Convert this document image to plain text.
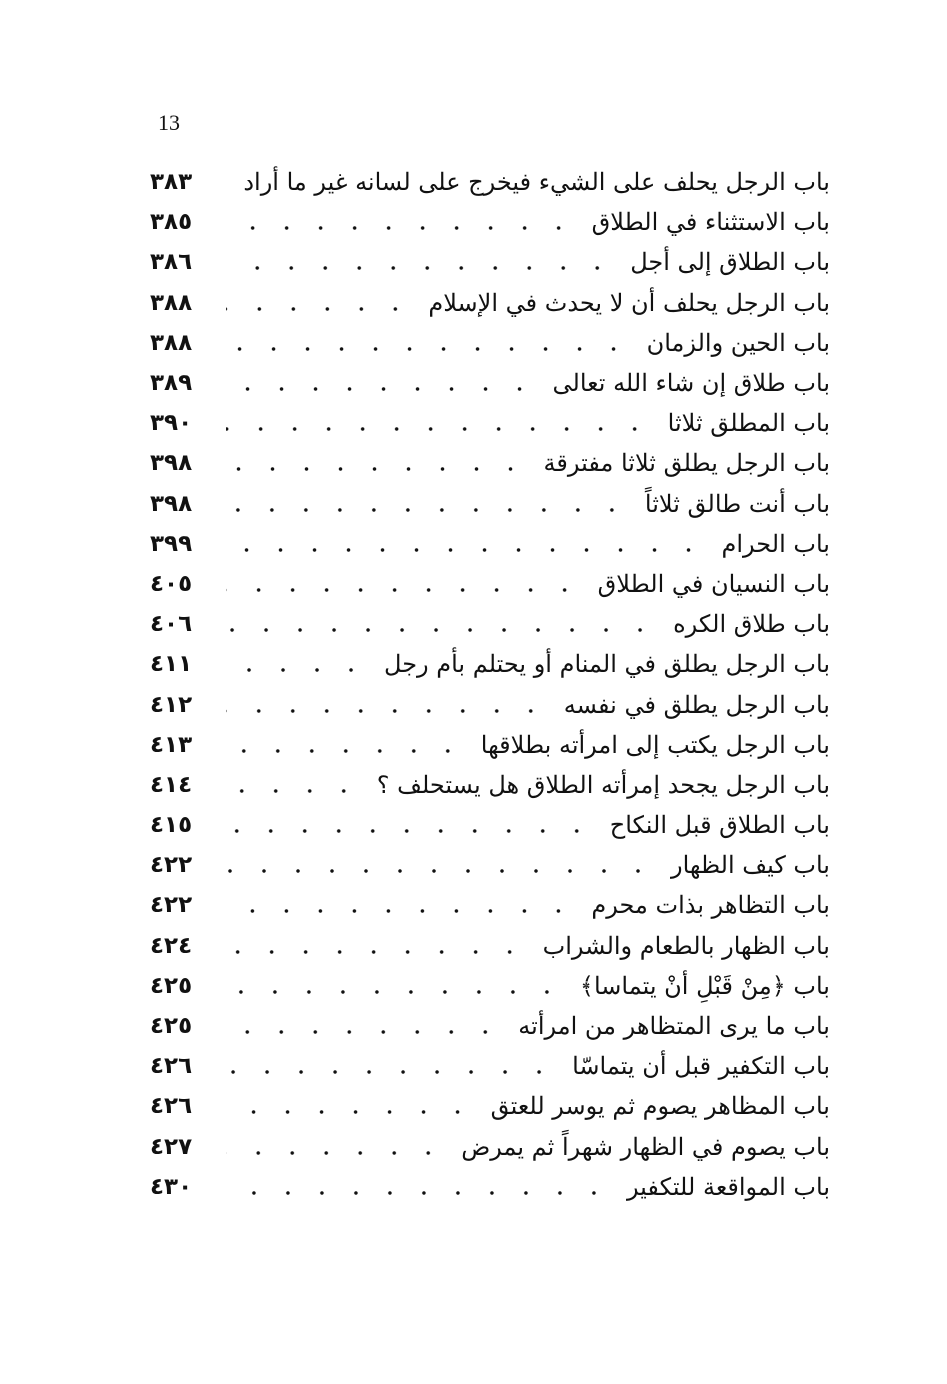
13
باب الرجل يحلف على الشيء فيخرج على لسانه غير ما أراد
٣٨٣
باب الاستثناء في الطلاق
٣٨٥
باب الطلاق إلى أجل
٣٨٦
باب الرجل يحلف أن لا يحدث في الإسلام
٣٨٨
باب الحين والزمان
٣٨٨
باب طلاق إن شاء الله تعالى
٣٨٩
باب المطلق ثلاثا
٣٩٠
باب الرجل يطلق ثلاثا مفترقة
٣٩٨
باب أنت طالق ثلاثاً
٣٩٨
باب الحرام
٣٩٩
باب النسيان في الطلاق
٤٠٥
باب طلاق الكره
٤٠٦
باب الرجل يطلق في المنام أو يحتلم بأم رجل
٤١١
باب الرجل يطلق في نفسه
٤١٢
باب الرجل يكتب إلى امرأته بطلاقها
٤١٣
باب الرجل يجحد إمرأته الطلاق هل يستحلف ؟
٤١٤
باب الطلاق قبل النكاح
٤١٥
باب كيف الظهار
٤٢٢
باب التظاهر بذات محرم
٤٢٢
باب الظهار بالطعام والشراب
٤٢٤
باب ﴿مِنْ قَبْلِ أنْ يتماسا﴾
٤٢٥
باب ما يرى المتظاهر من امرأته
٤٢٥
باب التكفير قبل أن يتماسّا
٤٢٦
باب المظاهر يصوم ثم يوسر للعتق
٤٢٦
باب يصوم في الظهار شهراً ثم يمرض
٤٢٧
باب المواقعة للتكفير
٤٣٠
